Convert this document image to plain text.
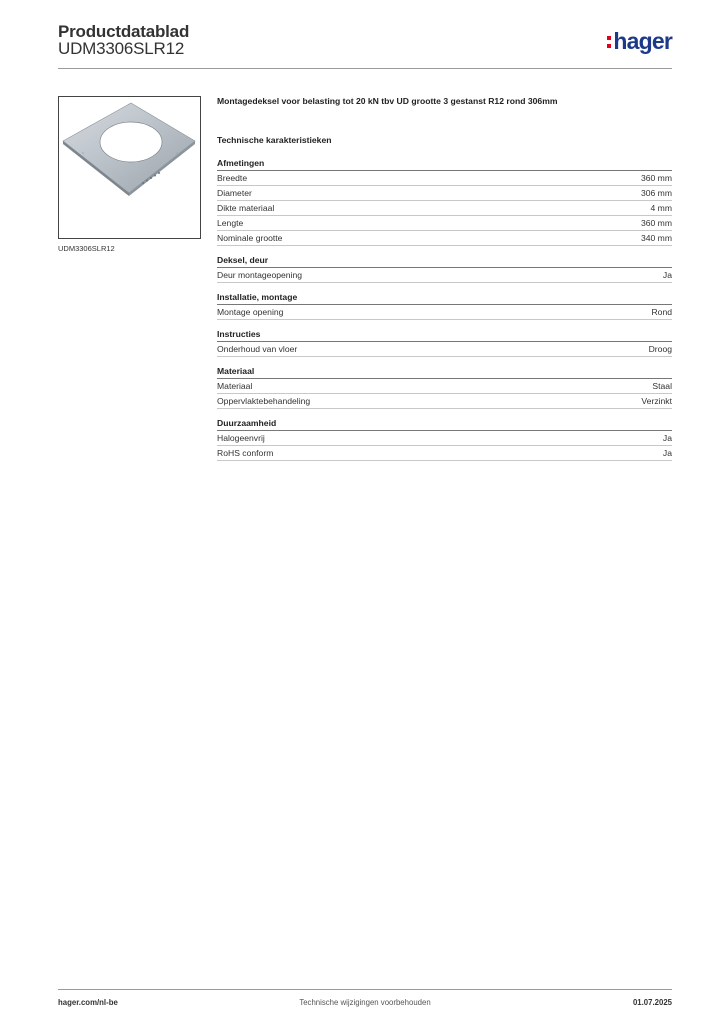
Productdatablad
UDM3306SLR12	hager
UDM3306SLR12
Montagedeksel voor belasting tot 20 kN tbv UD grootte 3 gestanst R12 rond 306mm
Technische karakteristieken
Afmetingen
Breedte	360 mm
Diameter	306 mm
Dikte materiaal	4 mm
Lengte	360 mm
Nominale grootte	340 mm
Deksel, deur
Deur montageopening	Ja
Installatie, montage
Montage opening	Rond
Instructies
Onderhoud van vloer	Droog
Materiaal
Materiaal	Staal
Oppervlaktebehandeling	Verzinkt
Duurzaamheid
Halogeenvrij	Ja
RoHS conform	Ja
hager.com/nl-be	Technische wijzigingen voorbehouden	01.07.2025
